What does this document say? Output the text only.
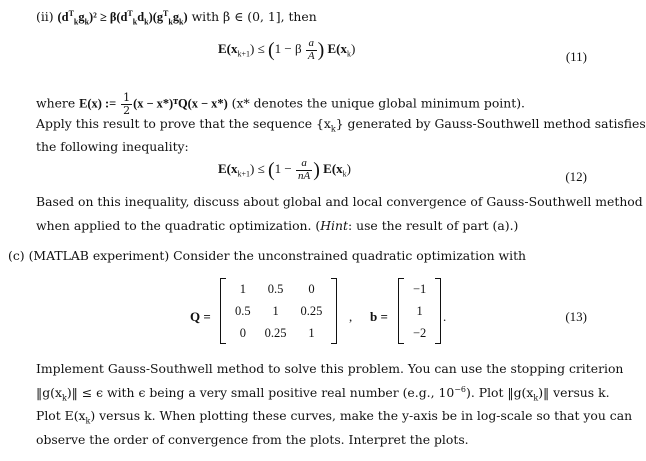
(ii) $(d^T_kg_k)^2 \ge \beta(d^T_kd_k)(g^T_kg_k)$ with β ∈ (0, 1], then
$E(x_{k+1}) \le (1 - \beta \frac{a}{A}$ ) $E(x_k)$
(11)
where E(x) := $\frac{1}{2} (x$ − x*)ᵀQ(x − x*) (x* denotes the unique global minimum point).
Apply this result to prove that the sequence $\{x_k\}$ generated by Gauss-Southwell method satisfies
the following inequality:
$E(x_{k+1}) \le (1 - \frac{a}{nA}$ ) $E(x_k)$
(12)
Based on this inequality, discuss about global and local convergence of Gauss-Southwell method
when applied to the quadratic optimization. (Hint: use the result of part (a).)
(c) (MATLAB experiment) Consider the unconstrained quadratic optimization with
Q =
1	0.5	0
0.5	1	0.25
0	0.25	1
, b =
−1
1
−2
.	(13)
Implement Gauss-Southwell method to solve this problem. You can use the stopping criterion
$‖g(x_k)‖ \le \epsilon$ with ϵ being a very small positive real number (e.g., $10^{-6}$). Plot $‖g(x_k)‖$ versus k.
Plot $E(x_k)$ versus k. When plotting these curves, make the y-axis be in log-scale so that you can
observe the order of convergence from the plots. Interpret the plots.
